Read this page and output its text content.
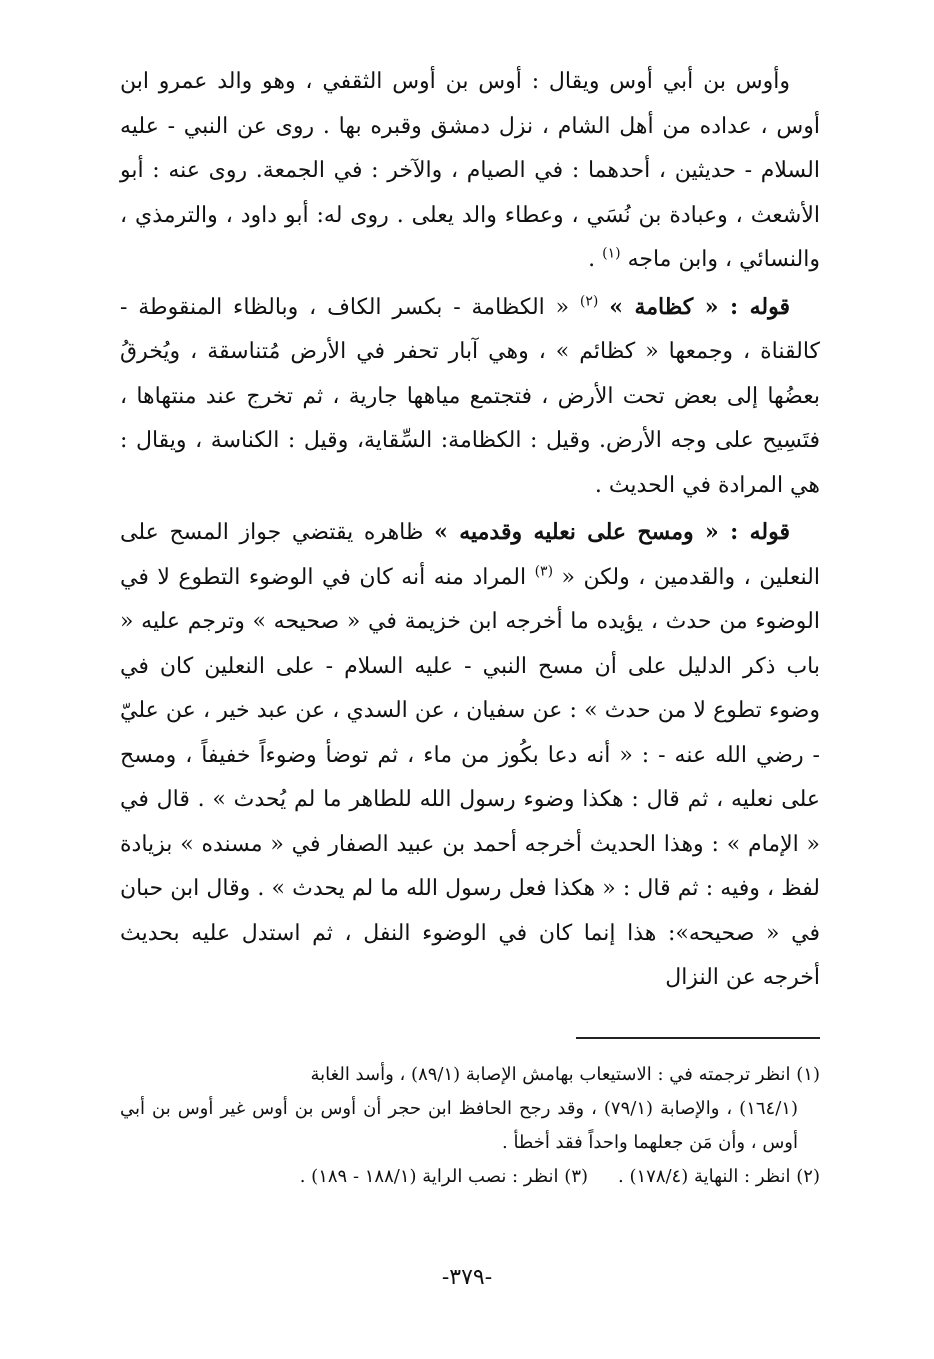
وأوس بن أبي أوس ويقال : أوس بن أوس الثقفي ، وهو والد عمرو ابن أوس ، عداده من أهل الشام ، نزل دمشق وقبره بها . روى عن النبي - عليه السلام - حديثين ، أحدهما : في الصيام ، والآخر : في الجمعة. روى عنه : أبو الأشعث ، وعبادة بن نُسَي ، وعطاء والد يعلى . روى له: أبو داود ، والترمذي ، والنسائي ، وابن ماجه $^{(١)}$ .

قوله : « كظامة » $^{(٢)}$ « الكظامة - بكسر الكاف ، وبالظاء المنقوطة - كالقناة ، وجمعها « كظائم » ، وهي آبار تحفر في الأرض مُتناسقة ، ويُخرقُ بعضُها إلى بعض تحت الأرض ، فتجتمع مياهها جارية ، ثم تخرج عند منتهاها ، فتَسِيح على وجه الأرض. وقيل : الكظامة: السِّقاية، وقيل : الكناسة ، ويقال : هي المرادة في الحديث .

قوله : « ومسح على نعليه وقدميه » ظاهره يقتضي جواز المسح على النعلين ، والقدمين ، ولكن « $^{(٣)}$ المراد منه أنه كان في الوضوء التطوع لا في الوضوء من حدث ، يؤيده ما أخرجه ابن خزيمة في « صحيحه » وترجم عليه « باب ذكر الدليل على أن مسح النبي - عليه السلام - على النعلين كان في وضوء تطوع لا من حدث » : عن سفيان ، عن السدي ، عن عبد خير ، عن عليّ - رضي الله عنه - : « أنه دعا بكُوز من ماء ، ثم توضأ وضوءاً خفيفاً ، ومسح على نعليه ، ثم قال : هكذا وضوء رسول الله للطاهر ما لم يُحدث » . قال في « الإمام » : وهذا الحديث أخرجه أحمد بن عبيد الصفار في « مسنده » بزيادة لفظ ، وفيه : ثم قال : « هكذا فعل رسول الله ما لم يحدث » . وقال ابن حبان في « صحيحه»: هذا إنما كان في الوضوء النفل ، ثم استدل عليه بحديث أخرجه عن النزال

(١) انظر ترجمته في : الاستيعاب بهامش الإصابة (٨٩/١) ، وأسد الغابة

(١٦٤/١) ، والإصابة (٧٩/١) ، وقد رجح الحافظ ابن حجر أن أوس بن أوس غير أوس بن أبي أوس ، وأن مَن جعلهما واحداً فقد أخطأ .

(٢) انظر : النهاية (١٧٨/٤) .(٣) انظر : نصب الراية (١٨٨/١ - ١٨٩) .

-٣٧٩-
